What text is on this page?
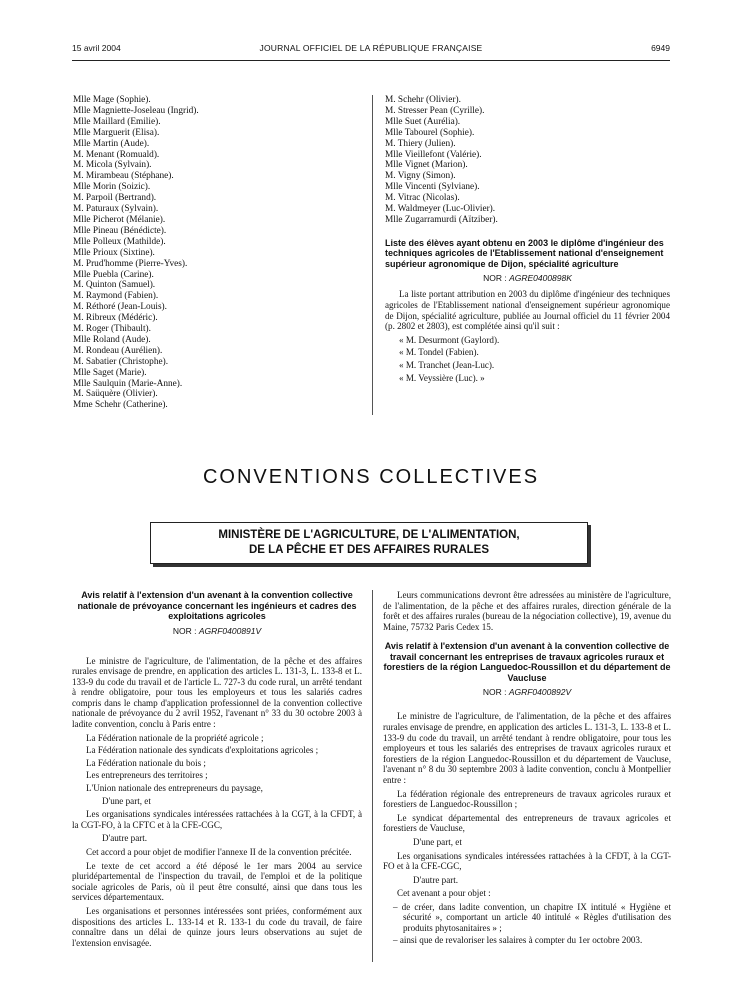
15 avril 2004	JOURNAL OFFICIEL DE LA RÉPUBLIQUE FRANÇAISE	6949
Mlle Mage (Sophie).
Mlle Magniette-Joseleau (Ingrid).
Mlle Maillard (Emilie).
Mlle Marguerit (Elisa).
Mlle Martin (Aude).
M. Menant (Romuald).
M. Micola (Sylvain).
M. Mirambeau (Stéphane).
Mlle Morin (Soizic).
M. Parpoil (Bertrand).
M. Paturaux (Sylvain).
Mlle Picherot (Mélanie).
Mlle Pineau (Bénédicte).
Mlle Polleux (Mathilde).
Mlle Prioux (Sixtine).
M. Prud'homme (Pierre-Yves).
Mlle Puebla (Carine).
M. Quinton (Samuel).
M. Raymond (Fabien).
M. Réthoré (Jean-Louis).
M. Ribreux (Médéric).
M. Roger (Thibault).
Mlle Roland (Aude).
M. Rondeau (Aurélien).
M. Sabatier (Christophe).
Mlle Saget (Marie).
Mlle Saulquin (Marie-Anne).
M. Saüquère (Olivier).
Mme Schehr (Catherine).
M. Schehr (Olivier).
M. Stresser Pean (Cyrille).
Mlle Suet (Aurélia).
Mlle Tabourel (Sophie).
M. Thiery (Julien).
Mlle Vieillefont (Valérie).
Mlle Vignet (Marion).
M. Vigny (Simon).
Mlle Vincenti (Sylviane).
M. Vitrac (Nicolas).
M. Waldmeyer (Luc-Olivier).
Mlle Zugarramurdi (Aïtziber).
Liste des élèves ayant obtenu en 2003 le diplôme d'ingénieur des techniques agricoles de l'Etablissement national d'enseignement supérieur agronomique de Dijon, spécialité agriculture
NOR : AGRE0400898K

La liste portant attribution en 2003 du diplôme d'ingénieur des techniques agricoles de l'Etablissement national d'enseignement supérieur agronomique de Dijon, spécialité agriculture, publiée au Journal officiel du 11 février 2004 (p. 2802 et 2803), est complétée ainsi qu'il suit :

« M. Desurmont (Gaylord).
« M. Tondel (Fabien).
« M. Tranchet (Jean-Luc).
« M. Veyssière (Luc). »
CONVENTIONS COLLECTIVES
MINISTÈRE DE L'AGRICULTURE, DE L'ALIMENTATION,
DE LA PÊCHE ET DES AFFAIRES RURALES
Avis relatif à l'extension d'un avenant à la convention collective nationale de prévoyance concernant les ingénieurs et cadres des exploitations agricoles
NOR : AGRF0400891V

Le ministre de l'agriculture, de l'alimentation, de la pêche et des affaires rurales envisage de prendre, en application des articles L. 131-3, L. 133-8 et L. 133-9 du code du travail et de l'article L. 727-3 du code rural, un arrêté tendant à rendre obligatoire, pour tous les employeurs et tous les salariés cadres compris dans le champ d'application professionnel de la convention collective nationale de prévoyance du 2 avril 1952, l'avenant n° 33 du 30 octobre 2003 à ladite convention, conclu à Paris entre :

La Fédération nationale de la propriété agricole ;
La Fédération nationale des syndicats d'exploitations agricoles ;
La Fédération nationale du bois ;
Les entrepreneurs des territoires ;
L'Union nationale des entrepreneurs du paysage,

D'une part, et

Les organisations syndicales intéressées rattachées à la CGT, à la CFDT, à la CGT-FO, à la CFTC et à la CFE-CGC,

D'autre part.

Cet accord a pour objet de modifier l'annexe II de la convention précitée.

Le texte de cet accord a été déposé le 1er mars 2004 au service pluridépartemental de l'inspection du travail, de l'emploi et de la politique sociale agricoles de Paris, où il peut être consulté, ainsi que dans tous les services départementaux.

Les organisations et personnes intéressées sont priées, conformément aux dispositions des articles L. 133-14 et R. 133-1 du code du travail, de faire connaître dans un délai de quinze jours leurs observations au sujet de l'extension envisagée.

Leurs communications devront être adressées au ministère de l'agriculture, de l'alimentation, de la pêche et des affaires rurales, direction générale de la forêt et des affaires rurales (bureau de la négociation collective), 19, avenue du Maine, 75732 Paris Cedex 15.

Avis relatif à l'extension d'un avenant à la convention collective de travail concernant les entreprises de travaux agricoles ruraux et forestiers de la région Languedoc-Roussillon et du département de Vaucluse
NOR : AGRF0400892V

Le ministre de l'agriculture, de l'alimentation, de la pêche et des affaires rurales envisage de prendre, en application des articles L. 131-3, L. 133-8 et L. 133-9 du code du travail, un arrêté tendant à rendre obligatoire, pour tous les employeurs et tous les salariés des entreprises de travaux agricoles ruraux et forestiers de la région Languedoc-Roussillon et du département de Vaucluse, l'avenant n° 8 du 30 septembre 2003 à ladite convention, conclu à Montpellier entre :

La fédération régionale des entrepreneurs de travaux agricoles ruraux et forestiers de Languedoc-Roussillon ;

Le syndicat départemental des entrepreneurs de travaux agricoles et forestiers de Vaucluse,

D'une part, et

Les organisations syndicales intéressées rattachées à la CFDT, à la CGT-FO et à la CFE-CGC,

D'autre part.

Cet avenant a pour objet :

– de créer, dans ladite convention, un chapitre IX intitulé « Hygiène et sécurité », comportant un article 40 intitulé « Règles d'utilisation des produits phytosanitaires » ;

– ainsi que de revaloriser les salaires à compter du 1er octobre 2003.
